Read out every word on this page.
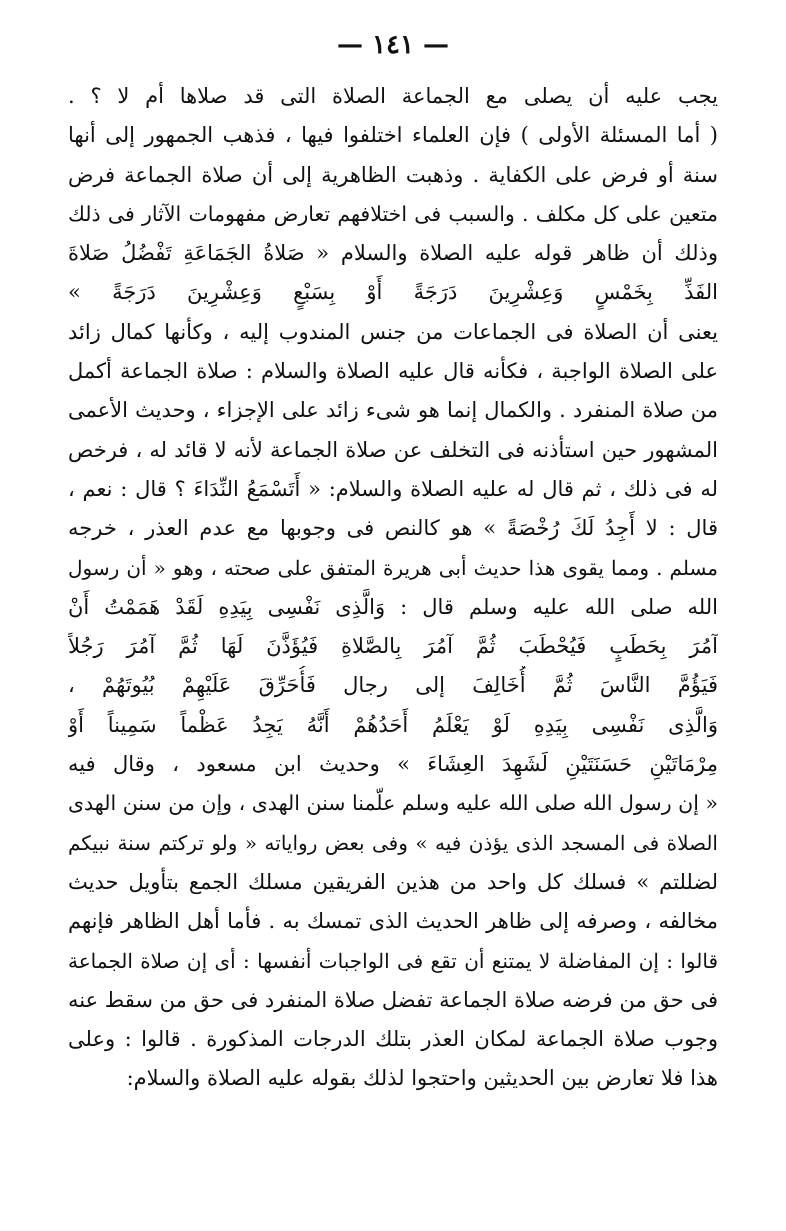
— ١٤١ —
يجب عليه أن يصلى مع الجماعة الصلاة التى قد صلاها أم لا ؟ .
( أما المسئلة الأولى ) فإن العلماء اختلفوا فيها ، فذهب الجمهور إلى أنها
سنة أو فرض على الكفاية . وذهبت الظاهرية إلى أن صلاة الجماعة فرض
متعين على كل مكلف . والسبب فى اختلافهم تعارض مفهومات الآثار فى ذلك
وذلك أن ظاهر قوله عليه الصلاة والسلام « صَلاةُ الجَمَاعَةِ تَفْضُلُ صَلاةَ
الفَذِّ بِخَمْسٍ وَعِشْرِينَ دَرَجَةً أَوْ بِسَبْعٍ وَعِشْرِينَ دَرَجَةً »
يعنى أن الصلاة فى الجماعات من جنس المندوب إليه ، وكأنها كمال زائد
على الصلاة الواجبة ، فكأنه قال عليه الصلاة والسلام : صلاة الجماعة أكمل
من صلاة المنفرد . والكمال إنما هو شىء زائد على الإجزاء ، وحديث الأعمى
المشهور حين استأذنه فى التخلف عن صلاة الجماعة لأنه لا قائد له ، فرخص
له فى ذلك ، ثم قال له عليه الصلاة والسلام: « أَتَسْمَعُ النِّدَاءَ ؟ قال : نعم ،
قال : لا أَجِدُ لَكَ رُخْصَةً » هو كالنص فى وجوبها مع عدم العذر ، خرجه
مسلم . ومما يقوى هذا حديث أبى هريرة المتفق على صحته ، وهو « أن رسول
الله صلى الله عليه وسلم قال : وَالَّذِى نَفْسِى بِيَدِهِ لَقَدْ هَمَمْتُ أَنْ
آمُرَ بِحَطَبٍ فَيُحْطَبَ ثُمَّ آمُرَ بِالصَّلاةِ فَيُؤَذَّنَ لَهَا ثُمَّ آمُرَ رَجُلاً
فَيَؤُمَّ النَّاسَ ثُمَّ أُخَالِفَ إلى رجال فَأُحَرِّقَ عَلَيْهِمْ بُيُوتَهُمْ ،
وَالَّذِى نَفْسِى بِيَدِهِ لَوْ يَعْلَمُ أَحَدُهُمْ أَنَّهُ يَجِدُ عَظْماً سَمِيناً أَوْ
مِرْمَاتَيْنِ حَسَنَتَيْنِ لَشَهِدَ العِشَاءَ » وحديث ابن مسعود ، وقال فيه
« إن رسول الله صلى الله عليه وسلم علّمنا سنن الهدى ، وإن من سنن الهدى
الصلاة فى المسجد الذى يؤذن فيه » وفى بعض رواياته « ولو تركتم سنة نبيكم
لضللتم » فسلك كل واحد من هذين الفريقين مسلك الجمع بتأويل حديث
مخالفه ، وصرفه إلى ظاهر الحديث الذى تمسك به . فأما أهل الظاهر فإنهم
قالوا : إن المفاضلة لا يمتنع أن تقع فى الواجبات أنفسها : أى إن صلاة الجماعة
فى حق من فرضه صلاة الجماعة تفضل صلاة المنفرد فى حق من سقط عنه
وجوب صلاة الجماعة لمكان العذر بتلك الدرجات المذكورة . قالوا : وعلى
هذا فلا تعارض بين الحديثين واحتجوا لذلك بقوله عليه الصلاة والسلام:
